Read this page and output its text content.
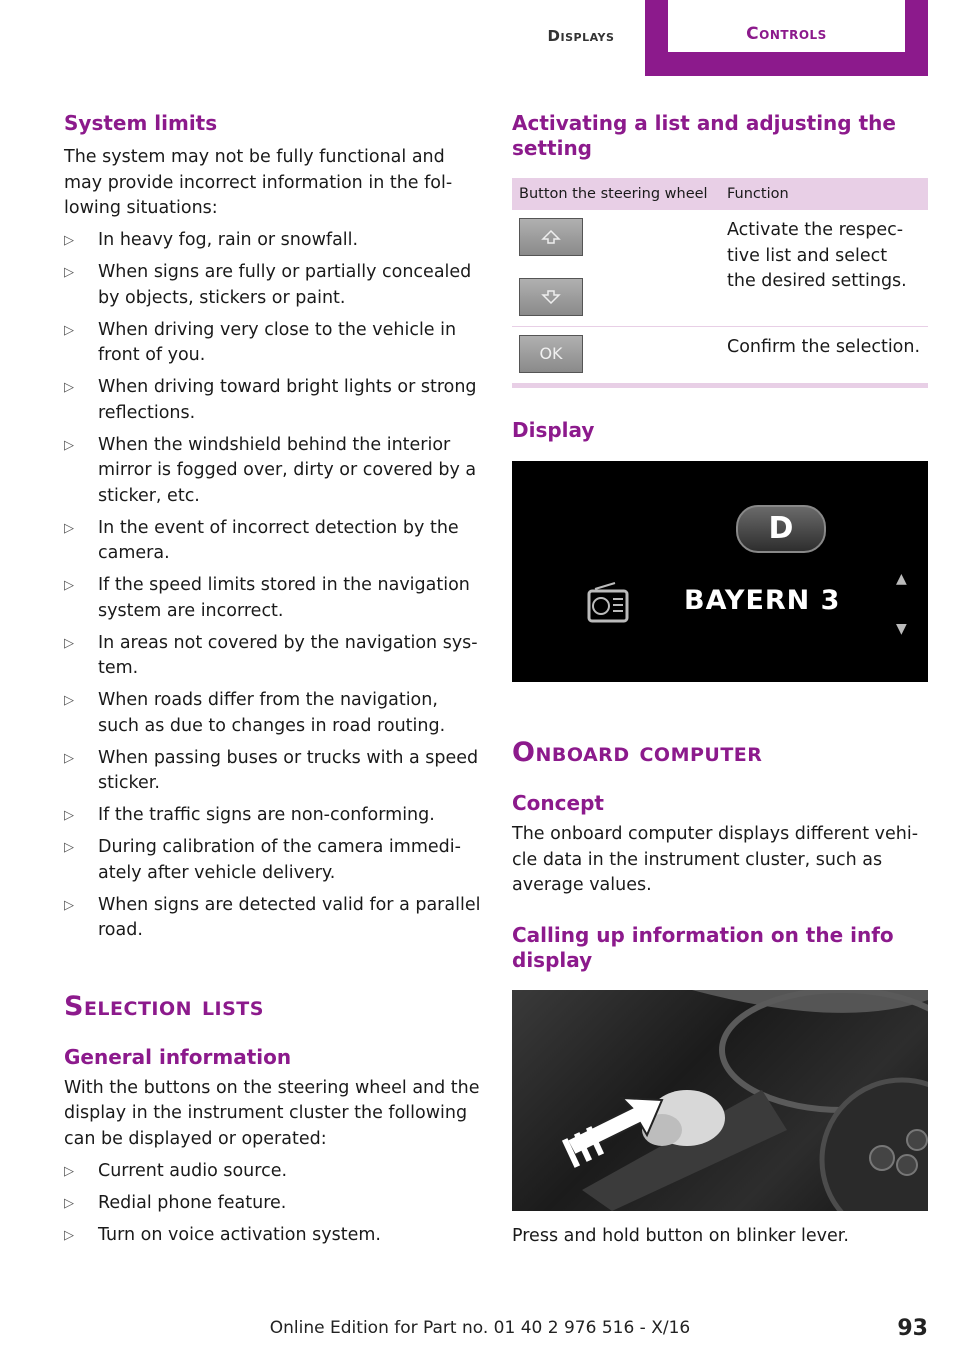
Displays	Controls
System limits

The system may not be fully functional and may provide incorrect information in the following situations:

▷ In heavy fog, rain or snowfall.
▷ When signs are fully or partially concealed by objects, stickers or paint.
▷ When driving very close to the vehicle in front of you.
▷ When driving toward bright lights or strong reflections.
▷ When the windshield behind the interior mirror is fogged over, dirty or covered by a sticker, etc.
▷ In the event of incorrect detection by the camera.
▷ If the speed limits stored in the navigation system are incorrect.
▷ In areas not covered by the navigation system.
▷ When roads differ from the navigation, such as due to changes in road routing.
▷ When passing buses or trucks with a speed sticker.
▷ If the traffic signs are non-conforming.
▷ During calibration of the camera immediately after vehicle delivery.
▷ When signs are detected valid for a parallel road.
Selection lists
General information

With the buttons on the steering wheel and the display in the instrument cluster the following can be displayed or operated:

▷ Current audio source.
▷ Redial phone feature.
▷ Turn on voice activation system.
Activating a list and adjusting the setting
Button the steering wheel	Function

	Activate the respective list and select the desired settings.

OK	Confirm the selection.
Display
D
BAYERN 3
▲
▼
Onboard computer
Concept

The onboard computer displays different vehicle data in the instrument cluster, such as average values.

Calling up information on the info display

Press and hold button on blinker lever.

Online Edition for Part no. 01 40 2 976 516 - X/16	93
